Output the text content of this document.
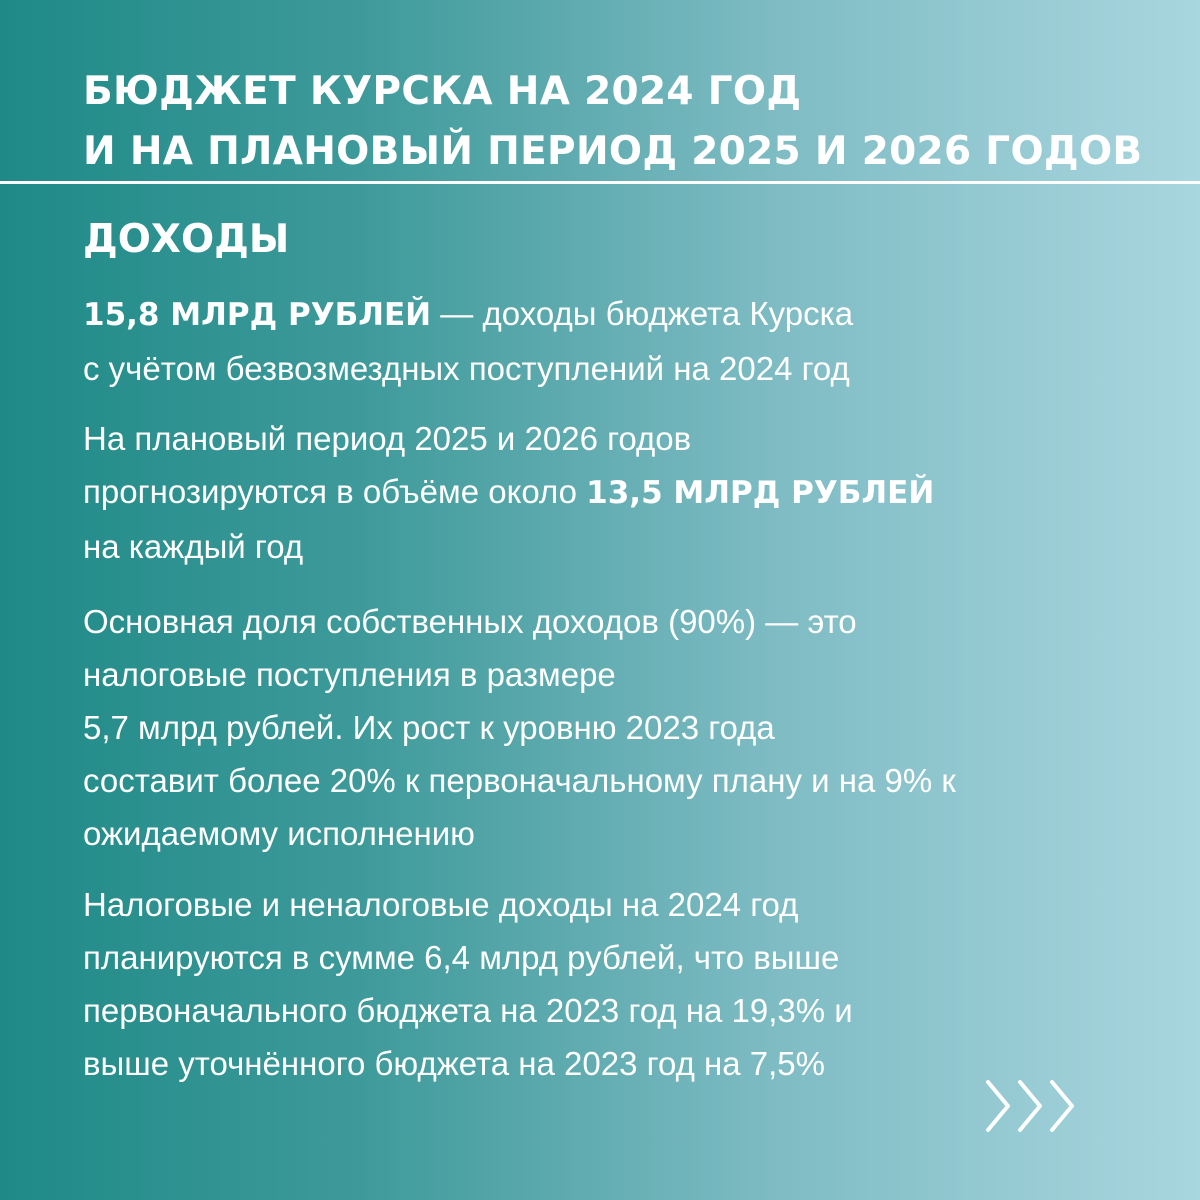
БЮДЖЕТ КУРСКА НА 2024 ГОД
И НА ПЛАНОВЫЙ ПЕРИОД 2025 И 2026 ГОДОВ
ДОХОДЫ

15,8 МЛРД РУБЛЕЙ — доходы бюджета Курска
с учётом безвозмездных поступлений на 2024 год

На плановый период 2025 и 2026 годов
прогнозируются в объёме около 13,5 МЛРД РУБЛЕЙ
на каждый год

Основная доля собственных доходов (90%) — это
налоговые поступления в размере
5,7 млрд рублей. Их рост к уровню 2023 года
составит более 20% к первоначальному плану и на 9% к
ожидаемому исполнению

Налоговые и неналоговые доходы на 2024 год
планируются в сумме 6,4 млрд рублей, что выше
первоначального бюджета на 2023 год на 19,3% и
выше уточнённого бюджета на 2023 год на 7,5%
